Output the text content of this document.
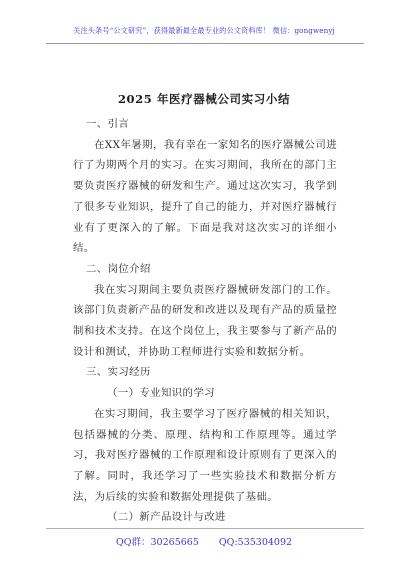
关注头条号“公文研究”，获得最新最全最专业的公文资料库！ 微信：gongwenyj
2025 年医疗器械公司实习小结

一、引言

在XX年暑期，我有幸在一家知名的医疗器械公司进行了为期两个月的实习。在实习期间，我所在的部门主要负责医疗器械的研发和生产。通过这次实习，我学到了很多专业知识，提升了自己的能力，并对医疗器械行业有了更深入的了解。下面是我对这次实习的详细小结。

二、岗位介绍

我在实习期间主要负责医疗器械研发部门的工作。该部门负责新产品的研发和改进以及现有产品的质量控制和技术支持。在这个岗位上，我主要参与了新产品的设计和测试，并协助工程师进行实验和数据分析。

三、实习经历

（一）专业知识的学习

在实习期间，我主要学习了医疗器械的相关知识，包括器械的分类、原理、结构和工作原理等。通过学习，我对医疗器械的工作原理和设计原则有了更深入的了解。同时，我还学习了一些实验技术和数据分析方法，为后续的实验和数据处理提供了基础。

（二）新产品设计与改进

QQ群：30265665 QQ:535304092
